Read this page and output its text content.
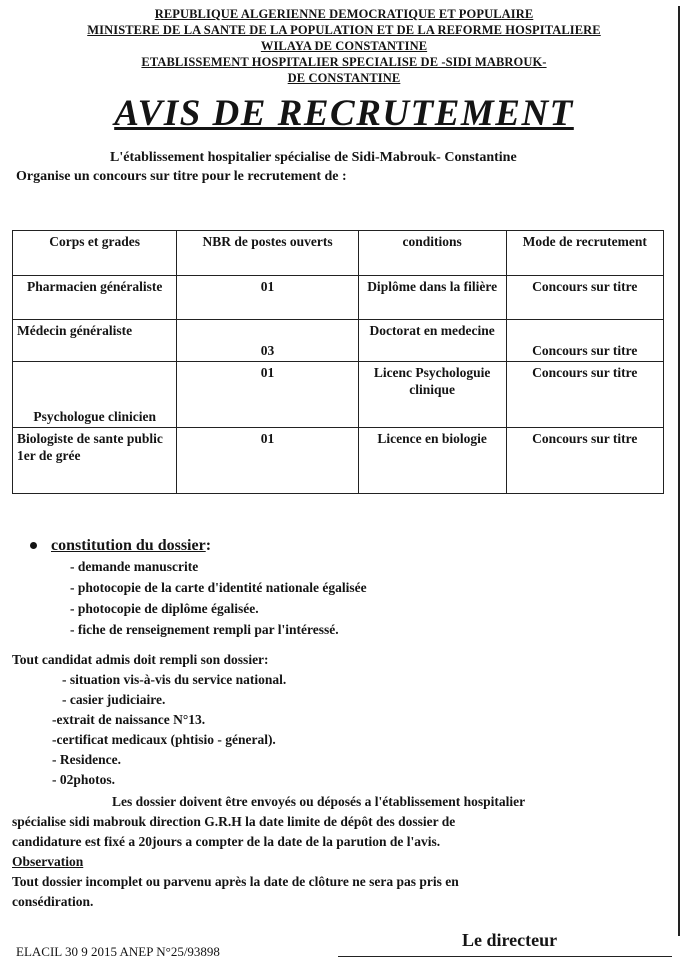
REPUBLIQUE ALGERIENNE DEMOCRATIQUE ET POPULAIRE
MINISTERE DE LA SANTE DE LA POPULATION ET DE LA REFORME HOSPITALIERE
WILAYA DE CONSTANTINE
ETABLISSEMENT HOSPITALIER SPECIALISE DE -SIDI MABROUK-
DE CONSTANTINE
AVIS DE RECRUTEMENT
L'établissement hospitalier spécialise de Sidi-Mabrouk- Constantine
Organise un concours sur titre pour le recrutement de :
Corps et grades	NBR de postes ouverts	conditions	Mode de recrutement
Pharmacien généraliste	01	Diplôme dans la filière	Concours sur titre
Médecin généraliste	03	Doctorat en medecine	Concours sur titre
Psychologue clinicien	01	Licenc Psychologuie clinique	Concours sur titre
Biologiste de sante public 1er de grée	01	Licence en biologie	Concours sur titre
constitution du dossier :
- demande manuscrite
- photocopie de la carte d'identité nationale égalisée
- photocopie de diplôme égalisée.
- fiche de renseignement rempli par l'intéressé.
Tout candidat admis doit rempli son dossier:
- situation vis-à-vis du service national.
- casier judiciaire.
-extrait de naissance N°13.
-certificat medicaux (phtisio - géneral).
- Residence.
- 02photos.
Les dossier doivent être envoyés ou déposés a l'établissement hospitalier
spécialise sidi mabrouk direction G.R.H la date limite de dépôt des dossier de
candidature est fixé a 20jours a compter de la date de la parution de l'avis.
Observation
Tout dossier incomplet ou parvenu après la date de clôture ne sera pas pris en
consédiration.
Le directeur
ELACIL 30 9 2015 ANEP N°25/93898
